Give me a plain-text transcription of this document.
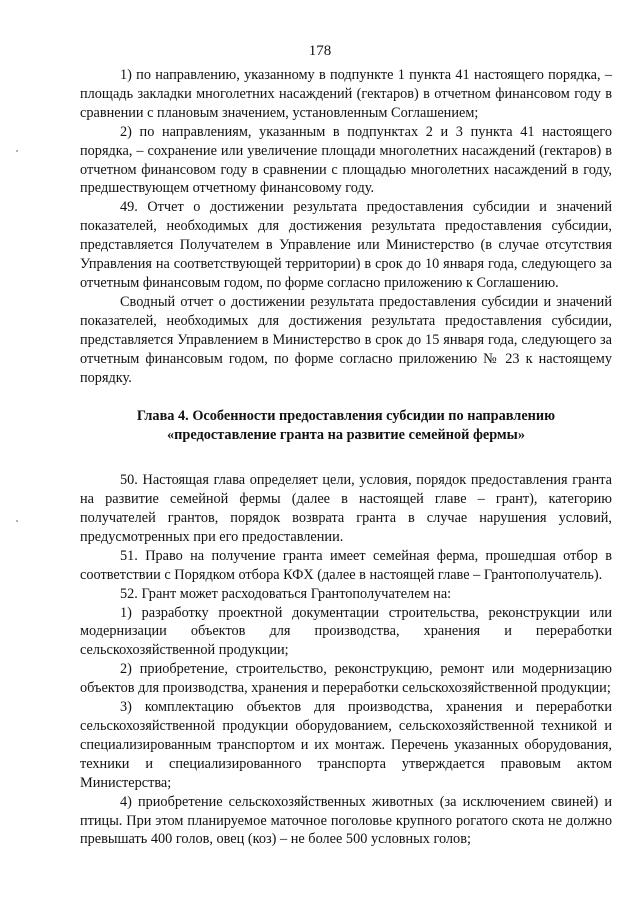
178

1) по направлению, указанному в подпункте 1 пункта 41 настоящего порядка, – площадь закладки многолетних насаждений (гектаров) в отчетном финансовом году в сравнении с плановым значением, установленным Соглашением;

2) по направлениям, указанным в подпунктах 2 и 3 пункта 41 настоящего порядка, – сохранение или увеличение площади многолетних насаждений (гектаров) в отчетном финансовом году в сравнении с площадью многолетних насаждений в году, предшествующем отчетному финансовому году.

49. Отчет о достижении результата предоставления субсидии и значений показателей, необходимых для достижения результата предоставления субсидии, представляется Получателем в Управление или Министерство (в случае отсутствия Управления на соответствующей территории) в срок до 10 января года, следующего за отчетным финансовым годом, по форме согласно приложению к Соглашению.

Сводный отчет о достижении результата предоставления субсидии и значений показателей, необходимых для достижения результата предоставления субсидии, представляется Управлением в Министерство в срок до 15 января года, следующего за отчетным финансовым годом, по форме согласно приложению № 23 к настоящему порядку.

Глава 4. Особенности предоставления субсидии по направлению
«предоставление гранта на развитие семейной фермы»

50. Настоящая глава определяет цели, условия, порядок предоставления гранта на развитие семейной фермы (далее в настоящей главе – грант), категорию получателей грантов, порядок возврата гранта в случае нарушения условий, предусмотренных при его предоставлении.

51. Право на получение гранта имеет семейная ферма, прошедшая отбор в соответствии с Порядком отбора КФХ (далее в настоящей главе – Грантополучатель).

52. Грант может расходоваться Грантополучателем на:

1) разработку проектной документации строительства, реконструкции или модернизации объектов для производства, хранения и переработки сельскохозяйственной продукции;

2) приобретение, строительство, реконструкцию, ремонт или модернизацию объектов для производства, хранения и переработки сельскохозяйственной продукции;

3) комплектацию объектов для производства, хранения и переработки сельскохозяйственной продукции оборудованием, сельскохозяйственной техникой и специализированным транспортом и их монтаж. Перечень указанных оборудования, техники и специализированного транспорта утверждается правовым актом Министерства;

4) приобретение сельскохозяйственных животных (за исключением свиней) и птицы. При этом планируемое маточное поголовье крупного рогатого скота не должно превышать 400 голов, овец (коз) – не более 500 условных голов;
